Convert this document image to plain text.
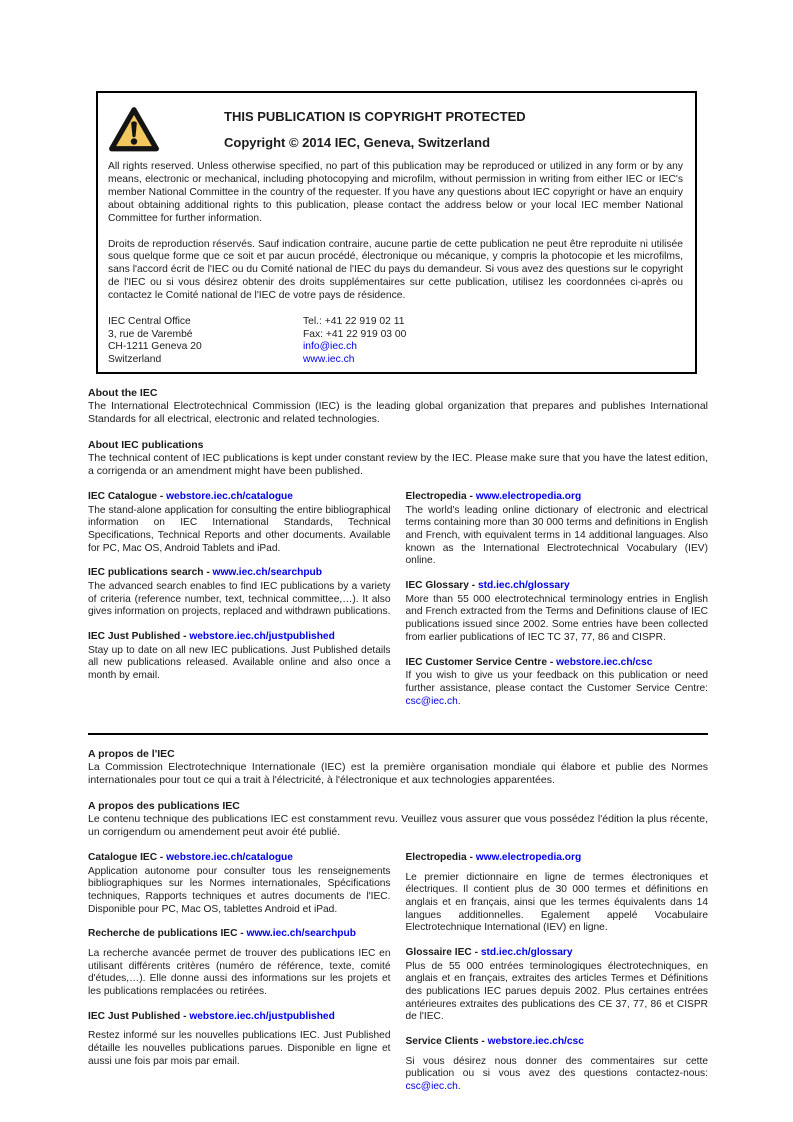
THIS PUBLICATION IS COPYRIGHT PROTECTED
Copyright © 2014 IEC, Geneva, Switzerland

All rights reserved. Unless otherwise specified, no part of this publication may be reproduced or utilized in any form or by any means, electronic or mechanical, including photocopying and microfilm, without permission in writing from either IEC or IEC's member National Committee in the country of the requester. If you have any questions about IEC copyright or have an enquiry about obtaining additional rights to this publication, please contact the address below or your local IEC member National Committee for further information.

Droits de reproduction réservés. Sauf indication contraire, aucune partie de cette publication ne peut être reproduite ni utilisée sous quelque forme que ce soit et par aucun procédé, électronique ou mécanique, y compris la photocopie et les microfilms, sans l'accord écrit de l'IEC ou du Comité national de l'IEC du pays du demandeur. Si vous avez des questions sur le copyright de l'IEC ou si vous désirez obtenir des droits supplémentaires sur cette publication, utilisez les coordonnées ci-après ou contactez le Comité national de l'IEC de votre pays de résidence.

IEC Central Office
3, rue de Varembé
CH-1211 Geneva 20
Switzerland
Tel.: +41 22 919 02 11
Fax: +41 22 919 03 00
info@iec.ch
www.iec.ch
About the IEC

The International Electrotechnical Commission (IEC) is the leading global organization that prepares and publishes International Standards for all electrical, electronic and related technologies.

About IEC publications

The technical content of IEC publications is kept under constant review by the IEC. Please make sure that you have the latest edition, a corrigenda or an amendment might have been published.

IEC Catalogue - webstore.iec.ch/catalogue

The stand-alone application for consulting the entire bibliographical information on IEC International Standards, Technical Specifications, Technical Reports and other documents. Available for PC, Mac OS, Android Tablets and iPad.

IEC publications search - www.iec.ch/searchpub

The advanced search enables to find IEC publications by a variety of criteria (reference number, text, technical committee,…). It also gives information on projects, replaced and withdrawn publications.

IEC Just Published - webstore.iec.ch/justpublished

Stay up to date on all new IEC publications. Just Published details all new publications released. Available online and also once a month by email.

Electropedia - www.electropedia.org

The world's leading online dictionary of electronic and electrical terms containing more than 30 000 terms and definitions in English and French, with equivalent terms in 14 additional languages. Also known as the International Electrotechnical Vocabulary (IEV) online.

IEC Glossary - std.iec.ch/glossary

More than 55 000 electrotechnical terminology entries in English and French extracted from the Terms and Definitions clause of IEC publications issued since 2002. Some entries have been collected from earlier publications of IEC TC 37, 77, 86 and CISPR.

IEC Customer Service Centre - webstore.iec.ch/csc

If you wish to give us your feedback on this publication or need further assistance, please contact the Customer Service Centre: csc@iec.ch.

A propos de l'IEC

La Commission Electrotechnique Internationale (IEC) est la première organisation mondiale qui élabore et publie des Normes internationales pour tout ce qui a trait à l'électricité, à l'électronique et aux technologies apparentées.

A propos des publications IEC

Le contenu technique des publications IEC est constamment revu. Veuillez vous assurer que vous possédez l'édition la plus récente, un corrigendum ou amendement peut avoir été publié.

Catalogue IEC - webstore.iec.ch/catalogue

Application autonome pour consulter tous les renseignements bibliographiques sur les Normes internationales, Spécifications techniques, Rapports techniques et autres documents de l'IEC. Disponible pour PC, Mac OS, tablettes Android et iPad.

Recherche de publications IEC - www.iec.ch/searchpub

La recherche avancée permet de trouver des publications IEC en utilisant différents critères (numéro de référence, texte, comité d'études,…). Elle donne aussi des informations sur les projets et les publications remplacées ou retirées.

IEC Just Published - webstore.iec.ch/justpublished

Restez informé sur les nouvelles publications IEC. Just Published détaille les nouvelles publications parues. Disponible en ligne et aussi une fois par mois par email.

Electropedia - www.electropedia.org

Le premier dictionnaire en ligne de termes électroniques et électriques. Il contient plus de 30 000 termes et définitions en anglais et en français, ainsi que les termes équivalents dans 14 langues additionnelles. Egalement appelé Vocabulaire Electrotechnique International (IEV) en ligne.

Glossaire IEC - std.iec.ch/glossary

Plus de 55 000 entrées terminologiques électrotechniques, en anglais et en français, extraites des articles Termes et Définitions des publications IEC parues depuis 2002. Plus certaines entrées antérieures extraites des publications des CE 37, 77, 86 et CISPR de l'IEC.

Service Clients - webstore.iec.ch/csc

Si vous désirez nous donner des commentaires sur cette publication ou si vous avez des questions contactez-nous: csc@iec.ch.
